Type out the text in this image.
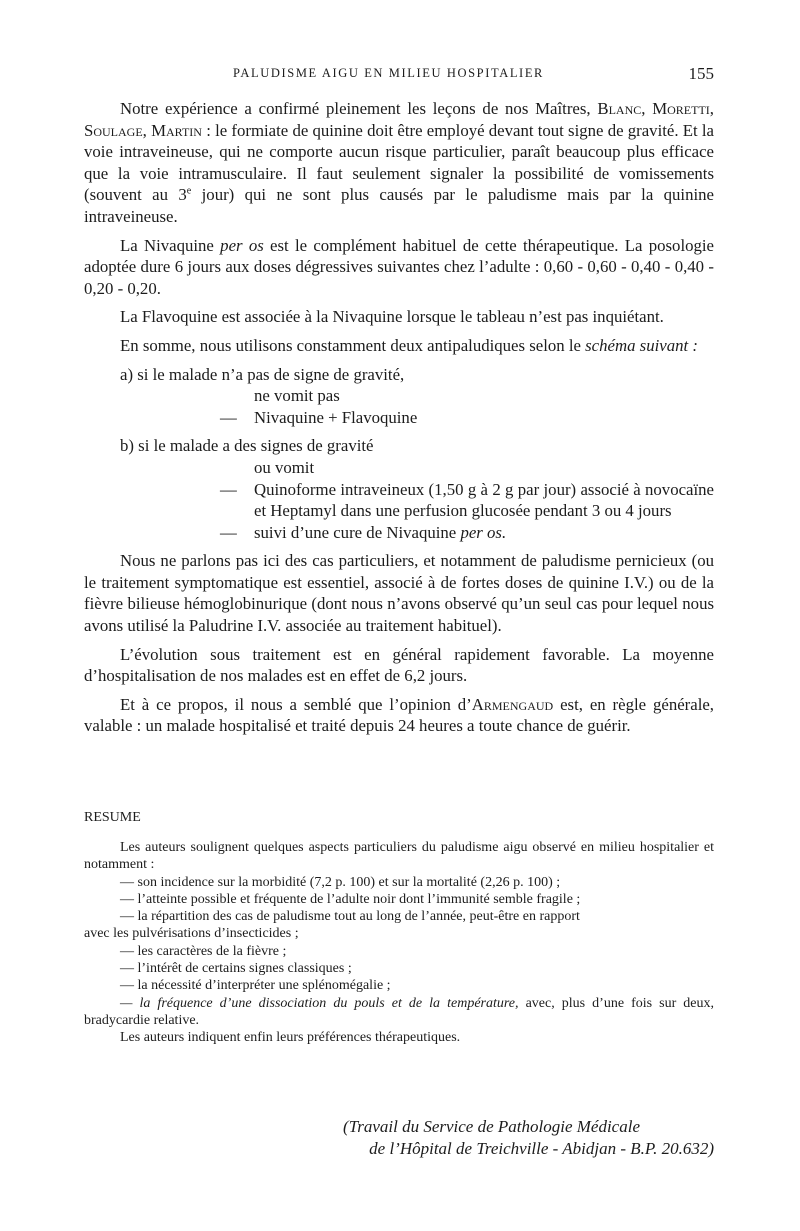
PALUDISME AIGU EN MILIEU HOSPITALIER	155

Notre expérience a confirmé pleinement les leçons de nos Maîtres, Blanc, Moretti, Soulage, Martin : le formiate de quinine doit être employé devant tout signe de gravité. Et la voie intraveineuse, qui ne comporte aucun risque particulier, paraît beaucoup plus efficace que la voie intramusculaire. Il faut seulement signaler la possibilité de vomissements (souvent au 3e jour) qui ne sont plus causés par le paludisme mais par la quinine intraveineuse.

La Nivaquine per os est le complément habituel de cette thérapeutique. La posologie adoptée dure 6 jours aux doses dégressives suivantes chez l’adulte : 0,60 - 0,60 - 0,40 - 0,40 - 0,20 - 0,20.

La Flavoquine est associée à la Nivaquine lorsque le tableau n’est pas inquiétant.

En somme, nous utilisons constamment deux antipaludiques selon le schéma suivant :

a) si le malade n’a pas de signe de gravité,
ne vomit pas
—	Nivaquine + Flavoquine
b) si le malade a des signes de gravité
ou vomit
—	Quinoforme intraveineux (1,50 g à 2 g par jour) associé à novocaïne et Heptamyl dans une perfusion glucosée pendant 3 ou 4 jours
—	suivi d’une cure de Nivaquine per os.

Nous ne parlons pas ici des cas particuliers, et notamment de paludisme pernicieux (ou le traitement symptomatique est essentiel, associé à de fortes doses de quinine I.V.) ou de la fièvre bilieuse hémoglobinurique (dont nous n’avons observé qu’un seul cas pour lequel nous avons utilisé la Paludrine I.V. associée au traitement habituel).

L’évolution sous traitement est en général rapidement favorable. La moyenne d’hospitalisation de nos malades est en effet de 6,2 jours.

Et à ce propos, il nous a semblé que l’opinion d’Armengaud est, en règle générale, valable : un malade hospitalisé et traité depuis 24 heures a toute chance de guérir.

RESUME
Les auteurs soulignent quelques aspects particuliers du paludisme aigu observé en milieu hospitalier et notamment :
— son incidence sur la morbidité (7,2 p. 100) et sur la mortalité (2,26 p. 100) ;
— l’atteinte possible et fréquente de l’adulte noir dont l’immunité semble fragile ;
— la répartition des cas de paludisme tout au long de l’année, peut-être en rapport
avec les pulvérisations d’insecticides ;
— les caractères de la fièvre ;
— l’intérêt de certains signes classiques ;
— la nécessité d’interpréter une splénomégalie ;
— la fréquence d’une dissociation du pouls et de la température, avec, plus d’une fois sur deux, bradycardie relative.
Les auteurs indiquent enfin leurs préférences thérapeutiques.
(Travail du Service de Pathologie Médicale
de l’Hôpital de Treichville - Abidjan - B.P. 20.632)
